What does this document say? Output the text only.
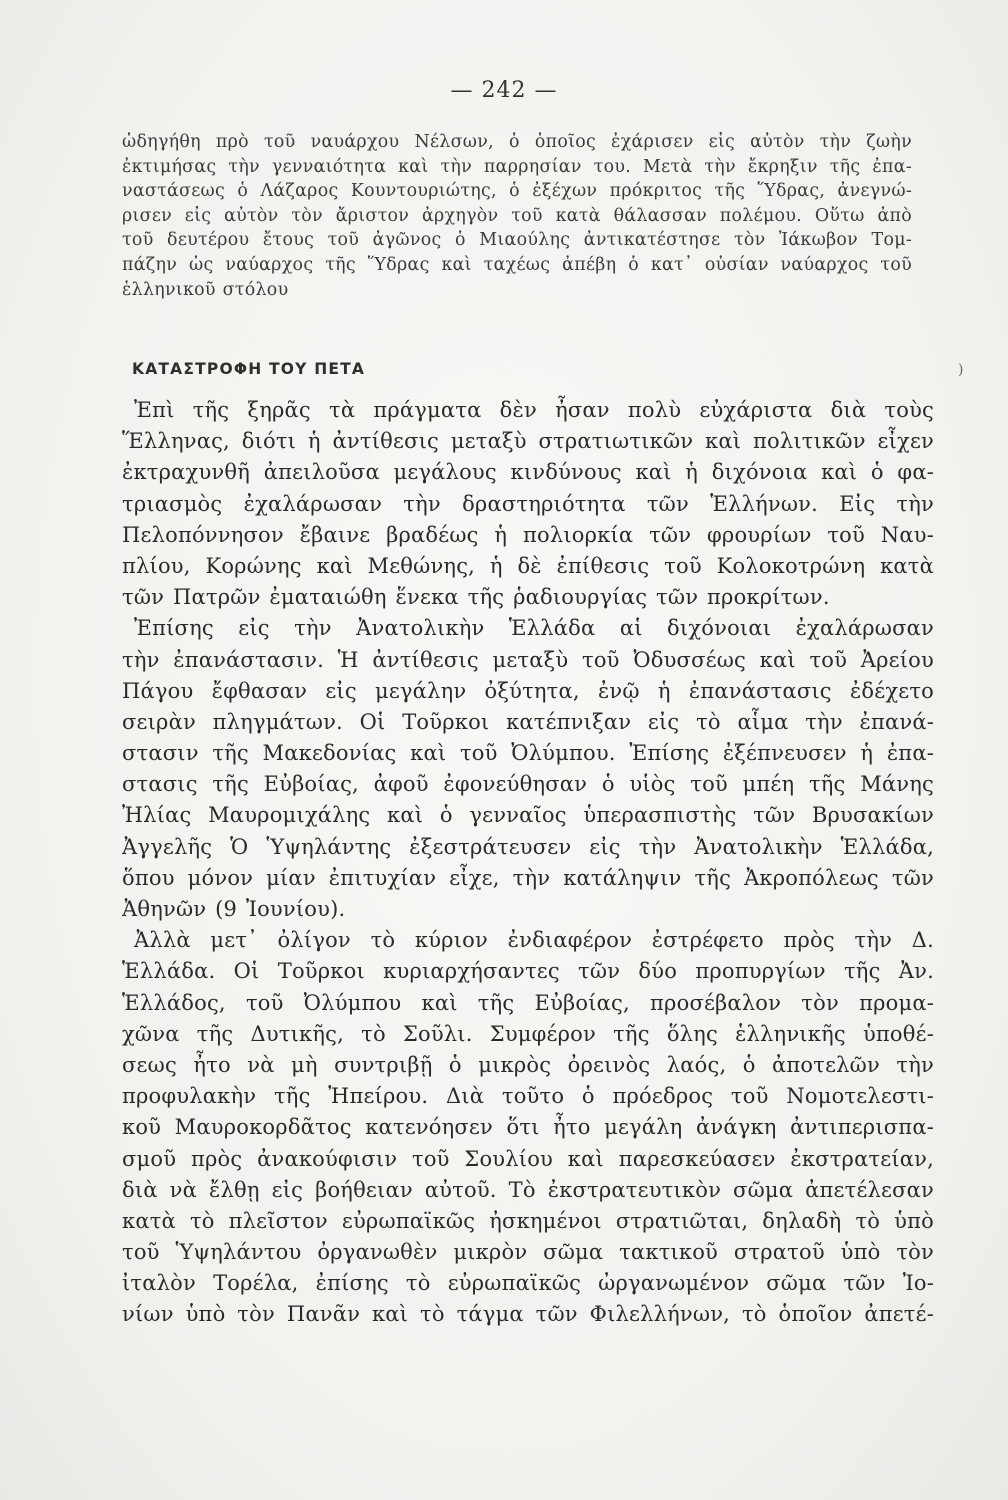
— 242 —
ὡδηγήθη πρὸ τοῦ ναυάρχου Νέλσων, ὁ ὁποῖος ἐχάρισεν εἰς αὐτὸν τὴν ζωὴν
ἐκτιμήσας τὴν γενναιότητα καὶ τὴν παρρησίαν του. Μετὰ τὴν ἔκρηξιν τῆς ἐπα-
ναστάσεως ὁ Λάζαρος Κουντουριώτης, ὁ ἐξέχων πρόκριτος τῆς Ὕδρας, ἀνεγνώ-
ρισεν εἰς αὐτὸν τὸν ἄριστον ἀρχηγὸν τοῦ κατὰ θάλασσαν πολέμου. Οὕτω ἀπὸ
τοῦ δευτέρου ἔτους τοῦ ἀγῶνος ὁ Μιαούλης ἀντικατέστησε τὸν Ἰάκωβον Τομ-
πάζην ὡς ναύαρχος τῆς Ὕδρας καὶ ταχέως ἀπέβη ὁ κατ᾽ οὐσίαν ναύαρχος τοῦ
ἑλληνικοῦ στόλου
ΚΑΤΑΣΤΡΟΦΗ ΤΟΥ ΠΕΤΑ	)
Ἐπὶ τῆς ξηρᾶς τὰ πράγματα δὲν ἦσαν πολὺ εὐχάριστα διὰ τοὺς
Ἕλληνας, διότι ἡ ἀντίθεσις μεταξὺ στρατιωτικῶν καὶ πολιτικῶν εἶχεν
ἐκτραχυνθῆ ἀπειλοῦσα μεγάλους κινδύνους καὶ ἡ διχόνοια καὶ ὁ φα-
τριασμὸς ἐχαλάρωσαν τὴν δραστηριότητα τῶν Ἑλλήνων. Εἰς τὴν
Πελοπόννησον ἔβαινε βραδέως ἡ πολιορκία τῶν φρουρίων τοῦ Ναυ-
πλίου, Κορώνης καὶ Μεθώνης, ἡ δὲ ἐπίθεσις τοῦ Κολοκοτρώνη κατὰ
τῶν Πατρῶν ἐματαιώθη ἕνεκα τῆς ῥαδιουργίας τῶν προκρίτων.
Ἐπίσης εἰς τὴν Ἀνατολικὴν Ἑλλάδα αἱ διχόνοιαι ἐχαλάρωσαν
τὴν ἐπανάστασιν. Ἡ ἀντίθεσις μεταξὺ τοῦ Ὀδυσσέως καὶ τοῦ Ἀρείου
Πάγου ἔφθασαν εἰς μεγάλην ὀξύτητα, ἐνῷ ἡ ἐπανάστασις ἐδέχετο
σειρὰν πληγμάτων. Οἱ Τοῦρκοι κατέπνιξαν εἰς τὸ αἷμα τὴν ἐπανά-
στασιν τῆς Μακεδονίας καὶ τοῦ Ὀλύμπου. Ἐπίσης ἐξέπνευσεν ἡ ἐπα-
στασις τῆς Εὐβοίας, ἀφοῦ ἐφονεύθησαν ὁ υἱὸς τοῦ μπέη τῆς Μάνης
Ἠλίας Μαυρομιχάλης καὶ ὁ γενναῖος ὑπερασπιστὴς τῶν Βρυσακίων
Ἀγγελῆς Ὁ Ὑψηλάντης ἐξεστράτευσεν εἰς τὴν Ἀνατολικὴν Ἑλλάδα,
ὅπου μόνον μίαν ἐπιτυχίαν εἶχε, τὴν κατάληψιν τῆς Ἀκροπόλεως τῶν
Ἀθηνῶν (9 Ἰουνίου).
Ἀλλὰ μετ᾽ ὀλίγον τὸ κύριον ἐνδιαφέρον ἐστρέφετο πρὸς τὴν Δ.
Ἑλλάδα. Οἱ Τοῦρκοι κυριαρχήσαντες τῶν δύο προπυργίων τῆς Ἀν.
Ἑλλάδος, τοῦ Ὀλύμπου καὶ τῆς Εὐβοίας, προσέβαλον τὸν προμα-
χῶνα τῆς Δυτικῆς, τὸ Σοῦλι. Συμφέρον τῆς ὅλης ἑλληνικῆς ὑποθέ-
σεως ἦτο νὰ μὴ συντριβῇ ὁ μικρὸς ὀρεινὸς λαός, ὁ ἀποτελῶν τὴν
προφυλακὴν τῆς Ἠπείρου. Διὰ τοῦτο ὁ πρόεδρος τοῦ Νομοτελεστι-
κοῦ Μαυροκορδᾶτος κατενόησεν ὅτι ἦτο μεγάλη ἀνάγκη ἀντιπερισπα-
σμοῦ πρὸς ἀνακούφισιν τοῦ Σουλίου καὶ παρεσκεύασεν ἐκστρατείαν,
διὰ νὰ ἔλθῃ εἰς βοήθειαν αὐτοῦ. Τὸ ἐκστρατευτικὸν σῶμα ἀπετέλεσαν
κατὰ τὸ πλεῖστον εὐρωπαϊκῶς ἠσκημένοι στρατιῶται, δηλαδὴ τὸ ὑπὸ
τοῦ Ὑψηλάντου ὀργανωθὲν μικρὸν σῶμα τακτικοῦ στρατοῦ ὑπὸ τὸν
ἰταλὸν Τορέλα, ἐπίσης τὸ εὐρωπαϊκῶς ὠργανωμένον σῶμα τῶν Ἰο-
νίων ὑπὸ τὸν Πανᾶν καὶ τὸ τάγμα τῶν Φιλελλήνων, τὸ ὁποῖον ἀπετέ-
